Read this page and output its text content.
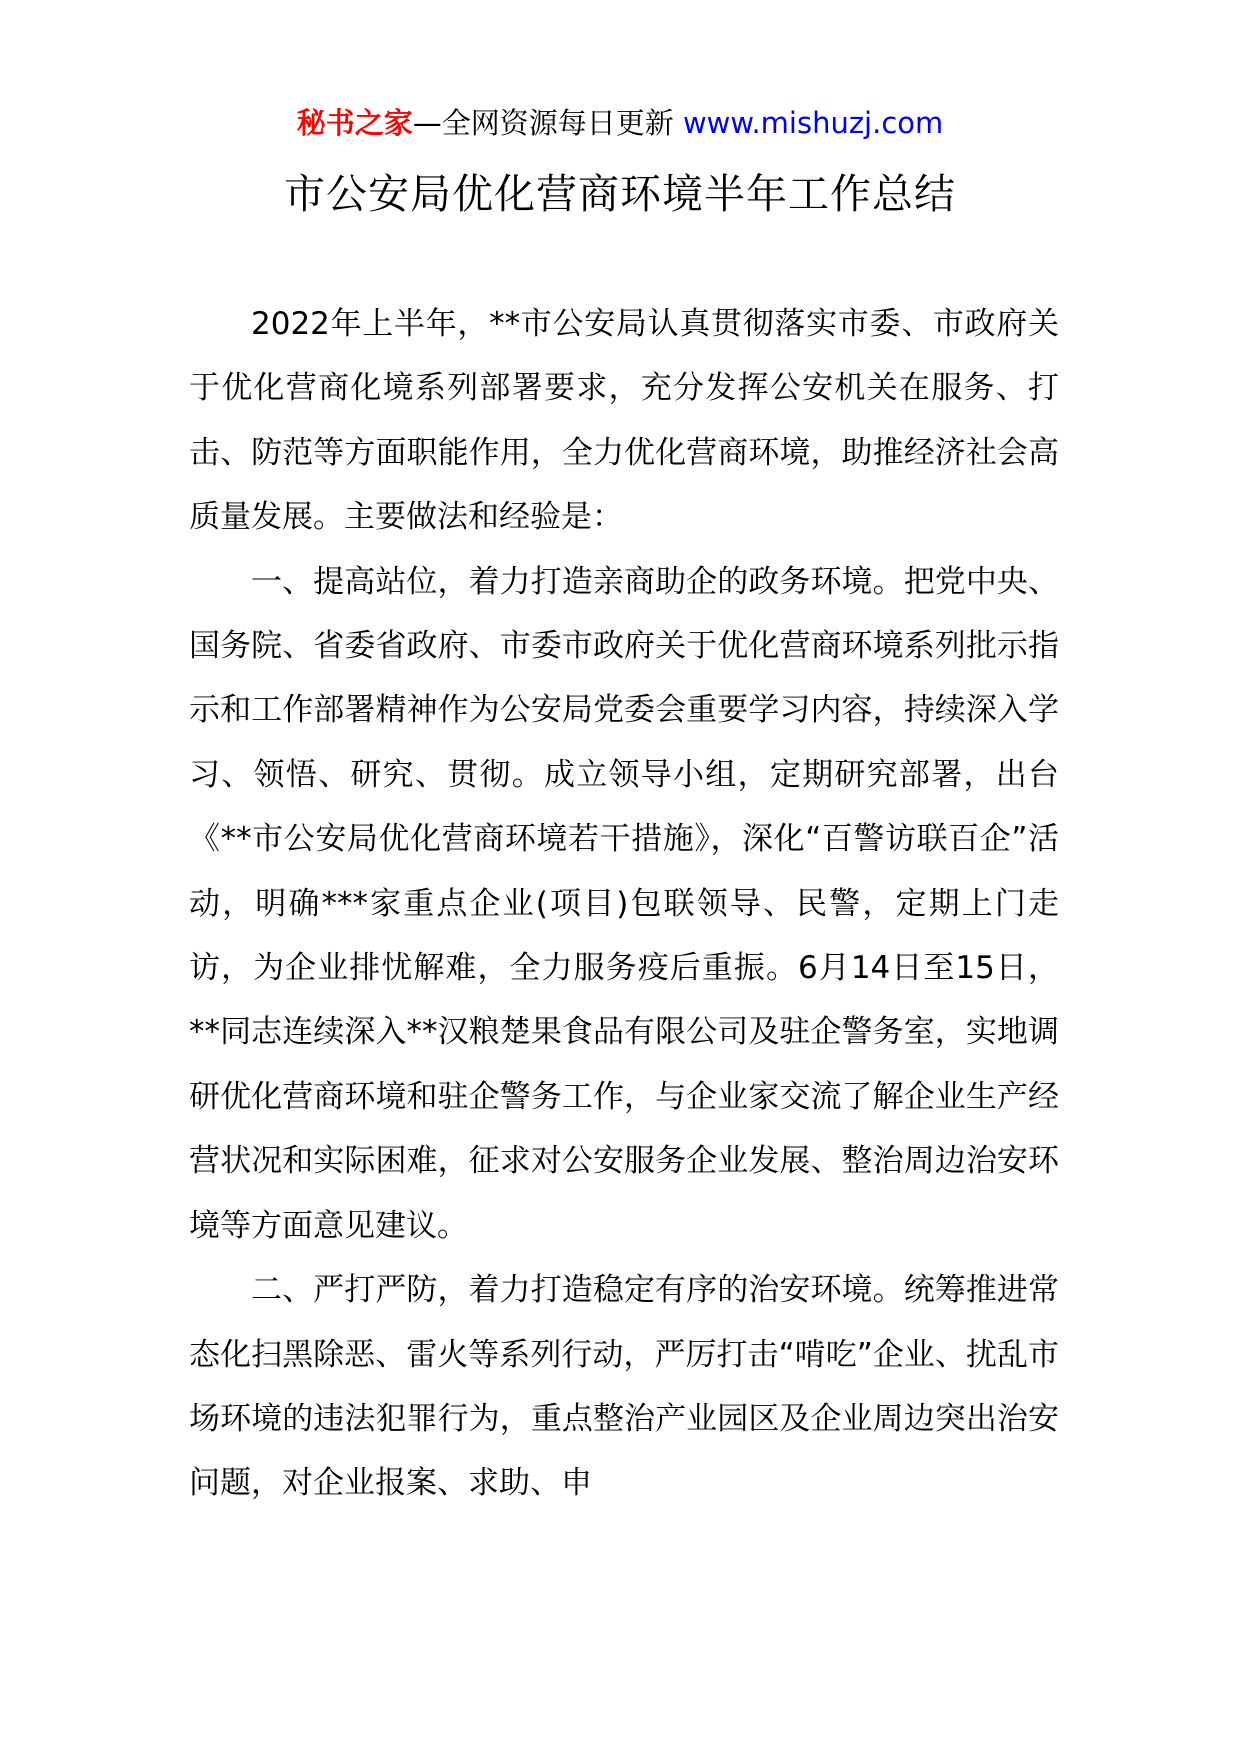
秘书之家—全网资源每日更新 www.mishuzj.com
市公安局优化营商环境半年工作总结

2022年上半年，**市公安局认真贯彻落实市委、市政府关于优化营商化境系列部署要求，充分发挥公安机关在服务、打击、防范等方面职能作用，全力优化营商环境，助推经济社会高质量发展。主要做法和经验是：

一、提高站位，着力打造亲商助企的政务环境。把党中央、国务院、省委省政府、市委市政府关于优化营商环境系列批示指示和工作部署精神作为公安局党委会重要学习内容，持续深入学习、领悟、研究、贯彻。成立领导小组，定期研究部署，出台《**市公安局优化营商环境若干措施》，深化“百警访联百企”活动，明确***家重点企业(项目)包联领导、民警，定期上门走访，为企业排忧解难，全力服务疫后重振。6月14日至15日，**同志连续深入**汉粮楚果食品有限公司及驻企警务室，实地调研优化营商环境和驻企警务工作，与企业家交流了解企业生产经营状况和实际困难，征求对公安服务企业发展、整治周边治安环境等方面意见建议。

二、严打严防，着力打造稳定有序的治安环境。统筹推进常态化扫黑除恶、雷火等系列行动，严厉打击“啃吃”企业、扰乱市场环境的违法犯罪行为，重点整治产业园区及企业周边突出治安问题，对企业报案、求助、申
